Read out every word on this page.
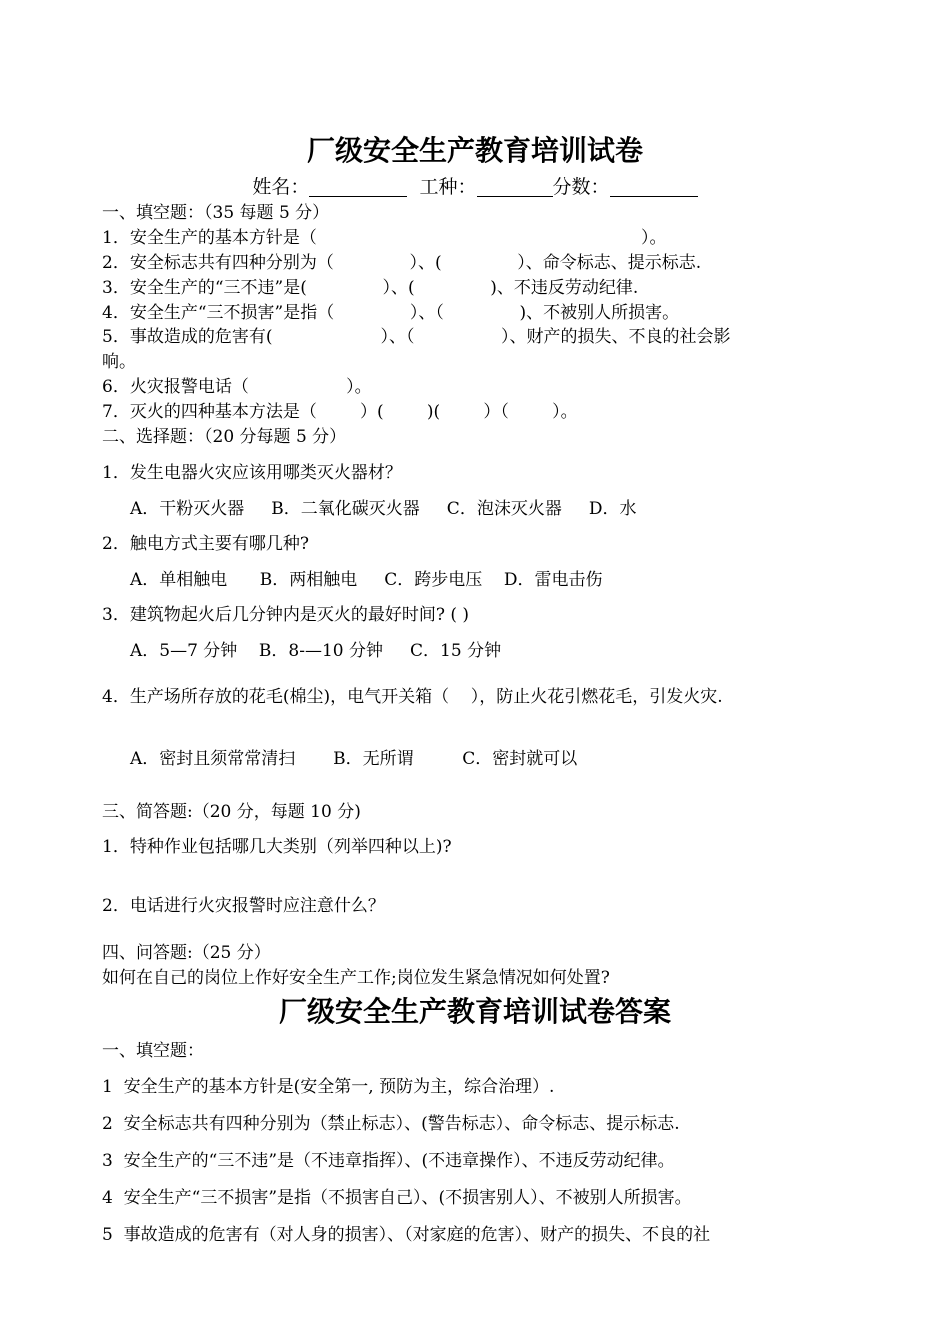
厂级安全生产教育培训试卷
姓名：	工种：	分数：
一、填空题：（35 每题 5 分）
1．安全生产的基本方针是（                                                            ）。
2．安全标志共有四种分别为（              ）、(              ）、命令标志、提示标志.
3．安全生产的“三不违”是(              ）、(              )、不违反劳动纪律.
4．安全生产“三不损害”是指（              ）、（              )、不被别人所损害。
5．事故造成的危害有(                    ）、（                ）、财产的损失、不良的社会影
响。
6．火灾报警电话（                  ）。
7．灭火的四种基本方法是（        ）(        )(        ）（        ）。
二、选择题：（20 分每题 5 分）
1．发生电器火灾应该用哪类灭火器材？
A．干粉灭火器     B．二氧化碳灭火器     C．泡沫灭火器     D．水
2．触电方式主要有哪几种?
A．单相触电      B．两相触电     C．跨步电压    D．雷电击伤
3．建筑物起火后几分钟内是灭火的最好时间? ( )
A．5—7 分钟    B．8-—10 分钟     C．15 分钟
4．生产场所存放的花毛(棉尘)，电气开关箱（    ），防止火花引燃花毛，引发火灾.
A．密封且须常常清扫       B．无所谓         C．密封就可以
三、简答题:（20 分，每题 10 分)
1．特种作业包括哪几大类别（列举四种以上)?
2．电话进行火灾报警时应注意什么？
四、问答题:（25 分）
如何在自己的岗位上作好安全生产工作;岗位发生紧急情况如何处置?
厂级安全生产教育培训试卷答案
一、填空题：
1  安全生产的基本方针是(安全第一, 预防为主，综合治理）.
2  安全标志共有四种分别为（禁止标志）、(警告标志）、命令标志、提示标志.
3  安全生产的“三不违”是（不违章指挥）、(不违章操作）、不违反劳动纪律。
4  安全生产“三不损害”是指（不损害自己）、(不损害别人）、不被别人所损害。
5  事故造成的危害有（对人身的损害）、（对家庭的危害）、财产的损失、不良的社
